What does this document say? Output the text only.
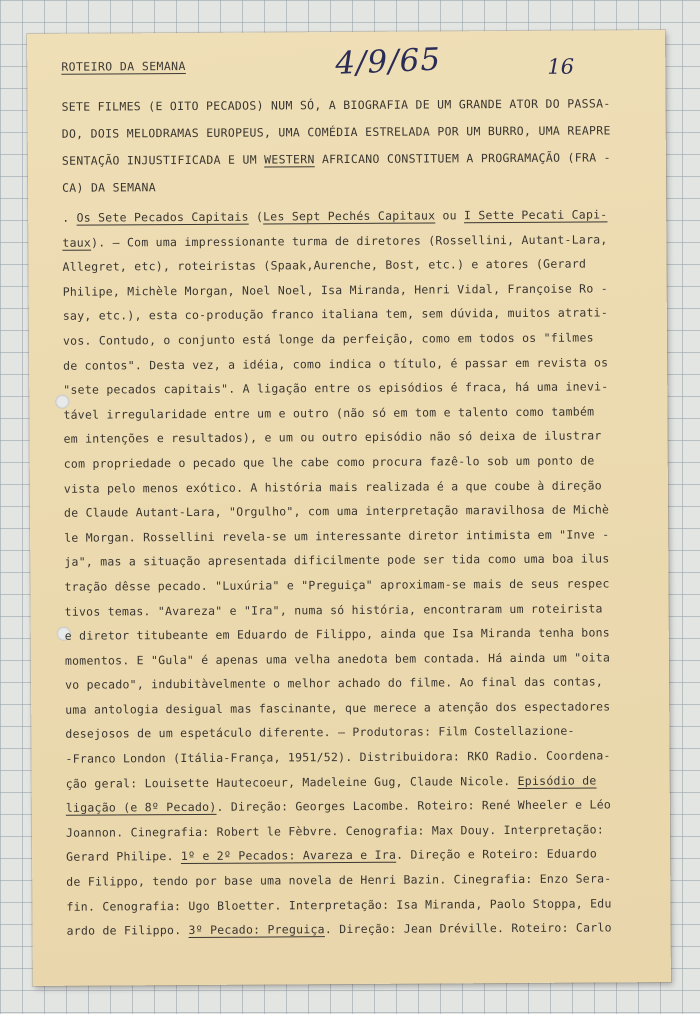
ROTEIRO DA SEMANA	4/9/65	16
SETE FILMES (E OITO PECADOS) NUM SÓ, A BIOGRAFIA DE UM GRANDE ATOR DO PASSA-
DO, DOIS MELODRAMAS EUROPEUS, UMA COMÉDIA ESTRELADA POR UM BURRO, UMA REAPRE
SENTAÇÃO INJUSTIFICADA E UM WESTERN AFRICANO CONSTITUEM A PROGRAMAÇÃO (FRA -
CA) DA SEMANA
. Os Sete Pecados Capitais (Les Sept Pechés Capitaux ou I Sette Pecati Capi-
taux). — Com uma impressionante turma de diretores (Rossellini, Autant-Lara,
Allegret, etc), roteiristas (Spaak,Aurenche, Bost, etc.) e atores (Gerard
Philipe, Michèle Morgan, Noel Noel, Isa Miranda, Henri Vidal, Françoise Ro -
say, etc.), esta co-produção franco italiana tem, sem dúvida, muitos atrati-
vos. Contudo, o conjunto está longe da perfeição, como em todos os "filmes
de contos". Desta vez, a idéia, como indica o título, é passar em revista os
"sete pecados capitais". A ligação entre os episódios é fraca, há uma inevi-
tável irregularidade entre um e outro (não só em tom e talento como também
em intenções e resultados), e um ou outro episódio não só deixa de ilustrar
com propriedade o pecado que lhe cabe como procura fazê-lo sob um ponto de
vista pelo menos exótico. A história mais realizada é a que coube à direção
de Claude Autant-Lara, "Orgulho", com uma interpretação maravilhosa de Michè
le Morgan. Rossellini revela-se um interessante diretor intimista em "Inve -
ja", mas a situação apresentada dificilmente pode ser tida como uma boa ilus
tração dêsse pecado. "Luxúria" e "Preguiça" aproximam-se mais de seus respec
tivos temas. "Avareza" e "Ira", numa só história, encontraram um roteirista
e diretor titubeante em Eduardo de Filippo, ainda que Isa Miranda tenha bons
momentos. E "Gula" é apenas uma velha anedota bem contada. Há ainda um "oita
vo pecado", indubitàvelmente o melhor achado do filme. Ao final das contas,
uma antologia desigual mas fascinante, que merece a atenção dos espectadores
desejosos de um espetáculo diferente. — Produtoras: Film Costellazione-
-Franco London (Itália-França, 1951/52). Distribuidora: RKO Radio. Coordena-
ção geral: Louisette Hautecoeur, Madeleine Gug, Claude Nicole. Episódio de
ligação (e 8º Pecado). Direção: Georges Lacombe. Roteiro: René Wheeler e Léo
Joannon. Cinegrafia: Robert le Fèbvre. Cenografia: Max Douy. Interpretação:
Gerard Philipe. 1º e 2º Pecados: Avareza e Ira. Direção e Roteiro: Eduardo
de Filippo, tendo por base uma novela de Henri Bazin. Cinegrafia: Enzo Sera-
fin. Cenografia: Ugo Bloetter. Interpretação: Isa Miranda, Paolo Stoppa, Edu
ardo de Filippo. 3º Pecado: Preguiça. Direção: Jean Dréville. Roteiro: Carlo
